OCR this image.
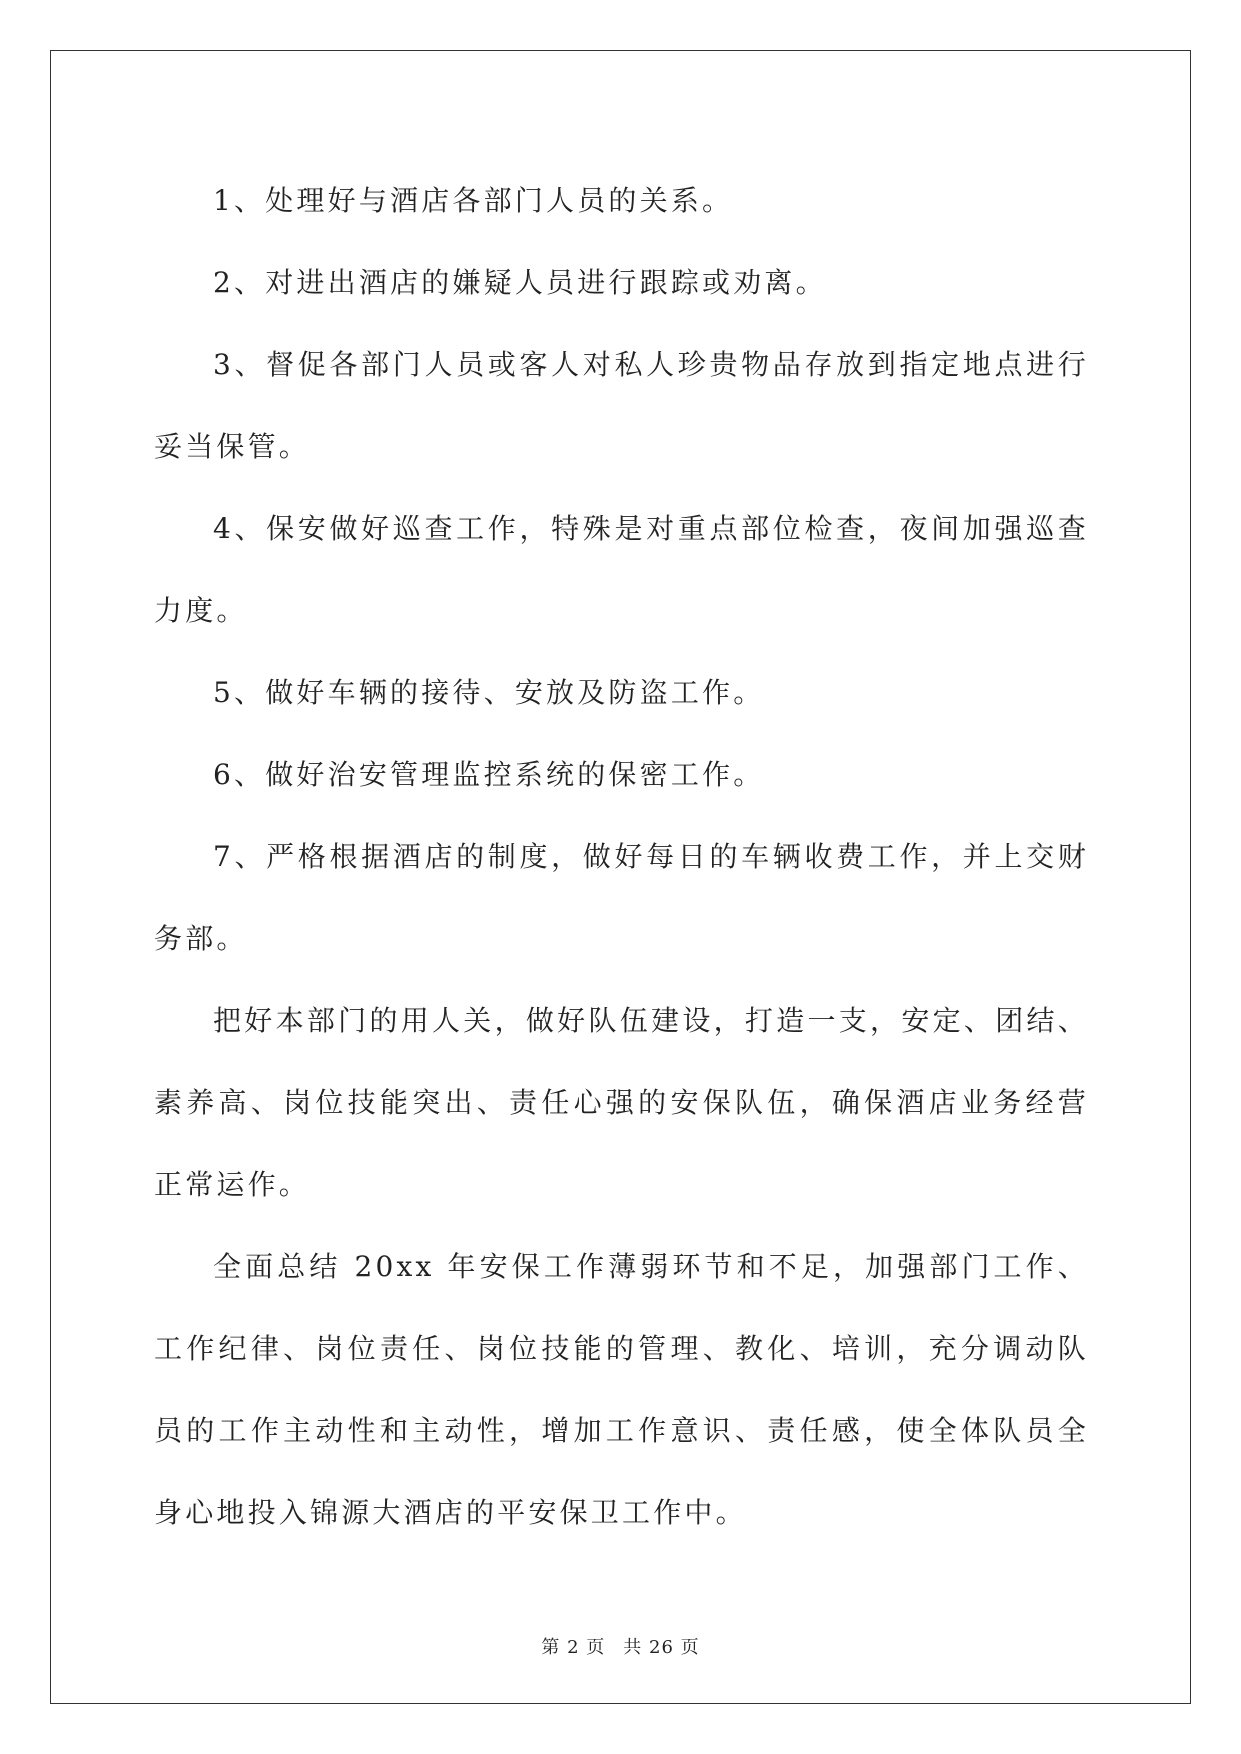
1、处理好与酒店各部门人员的关系。

2、对进出酒店的嫌疑人员进行跟踪或劝离。

3、督促各部门人员或客人对私人珍贵物品存放到指定地点进行妥当保管。

4、保安做好巡查工作，特殊是对重点部位检查，夜间加强巡查力度。

5、做好车辆的接待、安放及防盗工作。

6、做好治安管理监控系统的保密工作。

7、严格根据酒店的制度，做好每日的车辆收费工作，并上交财务部。

把好本部门的用人关，做好队伍建设，打造一支，安定、团结、素养高、岗位技能突出、责任心强的安保队伍，确保酒店业务经营正常运作。

全面总结 20xx 年安保工作薄弱环节和不足，加强部门工作、工作纪律、岗位责任、岗位技能的管理、教化、培训，充分调动队员的工作主动性和主动性，增加工作意识、责任感，使全体队员全身心地投入锦源大酒店的平安保卫工作中。

第 2 页 共 26 页
